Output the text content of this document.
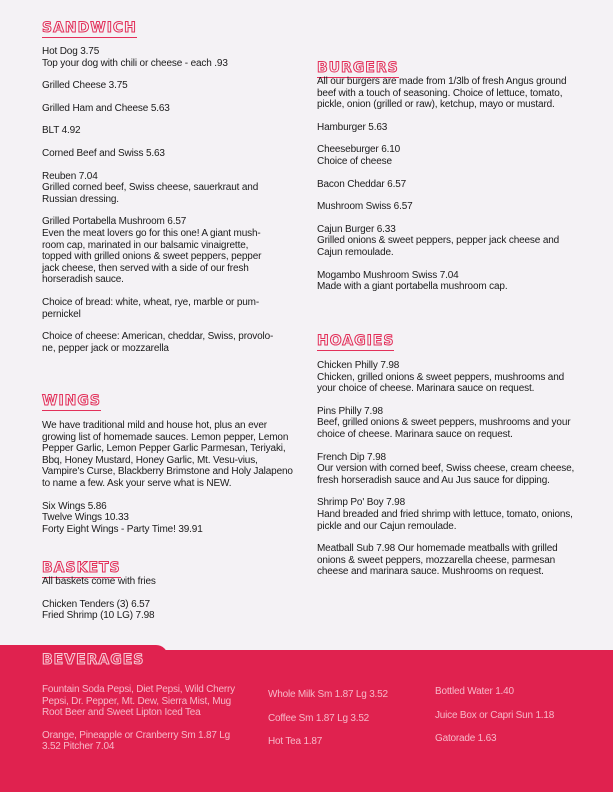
SANDWICH
Hot Dog 3.75
Top your dog with chili or cheese - each .93
Grilled Cheese 3.75
Grilled Ham and Cheese 5.63
BLT 4.92
Corned Beef and Swiss 5.63
Reuben 7.04
Grilled corned beef, Swiss cheese, sauerkraut and Russian dressing.
Grilled Portabella Mushroom 6.57
Even the meat lovers go for this one! A giant mush-room cap, marinated in our balsamic vinaigrette, topped with grilled onions & sweet peppers, pepper jack cheese, then served with a side of our fresh horseradish sauce.
Choice of bread: white, wheat, rye, marble or pum-pernickel
Choice of cheese: American, cheddar, Swiss, provolo-ne, pepper jack or mozzarella
WINGS
We have traditional mild and house hot, plus an ever growing list of homemade sauces. Lemon pepper, Lemon Pepper Garlic, Lemon Pepper Garlic Parmesan, Teriyaki, Bbq, Honey Mustard, Honey Garlic, Mt. Vesu-vius, Vampire's Curse, Blackberry Brimstone and Holy Jalapeno to name a few. Ask your serve what is NEW.
Six Wings 5.86
Twelve Wings 10.33
Forty Eight Wings - Party Time! 39.91
BASKETS
All baskets come with fries
Chicken Tenders (3) 6.57
Fried Shrimp (10 LG) 7.98
BURGERS
All our burgers are made from 1/3lb of fresh Angus ground beef with a touch of seasoning. Choice of lettuce, tomato, pickle, onion (grilled or raw), ketchup, mayo or mustard.
Hamburger 5.63
Cheeseburger 6.10
Choice of cheese
Bacon Cheddar 6.57
Mushroom Swiss 6.57
Cajun Burger 6.33
Grilled onions & sweet peppers, pepper jack cheese and Cajun remoulade.
Mogambo Mushroom Swiss 7.04
Made with a giant portabella mushroom cap.
HOAGIES
Chicken Philly 7.98
Chicken, grilled onions & sweet peppers, mushrooms and your choice of cheese. Marinara sauce on request.
Pins Philly 7.98
Beef, grilled onions & sweet peppers, mushrooms and your choice of cheese. Marinara sauce on request.
French Dip 7.98
Our version with corned beef, Swiss cheese, cream cheese, fresh horseradish sauce and Au Jus sauce for dipping.
Shrimp Po' Boy 7.98
Hand breaded and fried shrimp with lettuce, tomato, onions, pickle and our Cajun remoulade.
Meatball Sub 7.98 Our homemade meatballs with grilled onions & sweet peppers, mozzarella cheese, parmesan cheese and marinara sauce. Mushrooms on request.
BEVERAGES
Fountain Soda Pepsi, Diet Pepsi, Wild Cherry Pepsi, Dr. Pepper, Mt. Dew, Sierra Mist, Mug Root Beer and Sweet Lipton Iced Tea
Orange, Pineapple or Cranberry Sm 1.87 Lg 3.52 Pitcher 7.04
Whole Milk Sm 1.87 Lg 3.52
Coffee Sm 1.87 Lg 3.52
Hot Tea 1.87
Bottled Water 1.40
Juice Box or Capri Sun 1.18
Gatorade 1.63
